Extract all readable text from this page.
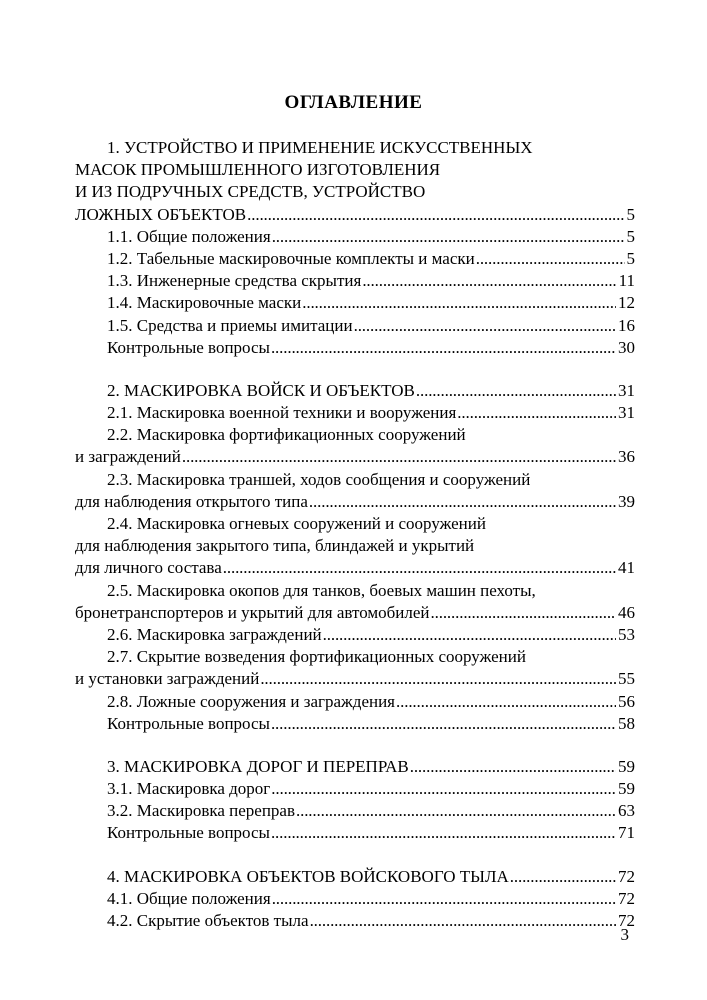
ОГЛАВЛЕНИЕ
1. УСТРОЙСТВО И ПРИМЕНЕНИЕ ИСКУССТВЕННЫХ
МАСОК ПРОМЫШЛЕННОГО ИЗГОТОВЛЕНИЯ
И ИЗ ПОДРУЧНЫХ СРЕДСТВ, УСТРОЙСТВО
ЛОЖНЫХ ОБЪЕКТОВ . . .	5
1.1. Общие положения . . .	5
1.2. Табельные маскировочные комплекты и маски . . .	5
1.3. Инженерные средства скрытия . . .	11
1.4. Маскировочные маски . . .	12
1.5. Средства и приемы имитации . . .	16
Контрольные вопросы . . .	30
2. МАСКИРОВКА ВОЙСК И ОБЪЕКТОВ . . .	31
2.1. Маскировка военной техники и вооружения . . .	31
2.2. Маскировка фортификационных сооружений
и заграждений . . .	36
2.3. Маскировка траншей, ходов сообщения и сооружений
для наблюдения открытого типа . . .	39
2.4. Маскировка огневых сооружений и сооружений
для наблюдения закрытого типа, блиндажей и укрытий
для личного состава . . .	41
2.5. Маскировка окопов для танков, боевых машин пехоты,
бронетранспортеров и укрытий для автомобилей . . .	46
2.6. Маскировка заграждений . . .	53
2.7. Скрытие возведения фортификационных сооружений
и установки заграждений . . .	55
2.8. Ложные сооружения и заграждения . . .	56
Контрольные вопросы . . .	58
3. МАСКИРОВКА ДОРОГ И ПЕРЕПРАВ . . .	59
3.1. Маскировка дорог . . .	59
3.2. Маскировка переправ . . .	63
Контрольные вопросы . . .	71
4. МАСКИРОВКА ОБЪЕКТОВ ВОЙСКОВОГО ТЫЛА . . .	72
4.1. Общие положения . . .	72
4.2. Скрытие объектов тыла . . .	72
3
